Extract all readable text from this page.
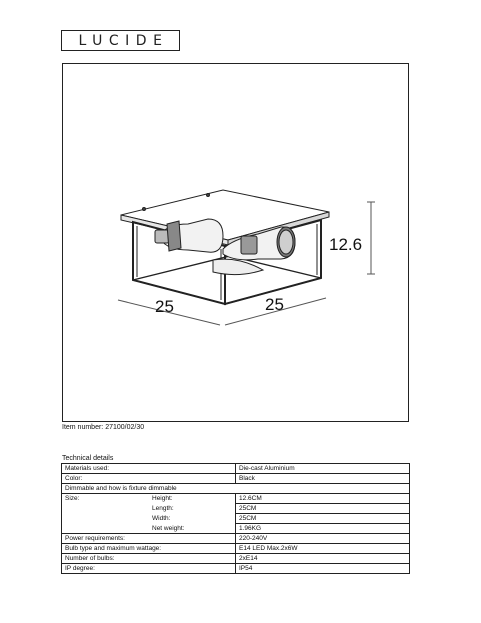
LUCIDE
12.6
25	25
Item number: 27100/02/30
Technical details
Materials used:	Die-cast Aluminium
Color:	Black
Dimmable and how is fixture dimmable	

Size: Height:	12.6CM

Length:	25CM

Width:	25CM

Net weight:	1.96KG
Power requirements:	220-240V
Bulb type and maximum wattage:	E14 LED Max.2x6W
Number of bulbs:	2xE14
IP degree:	IP54
